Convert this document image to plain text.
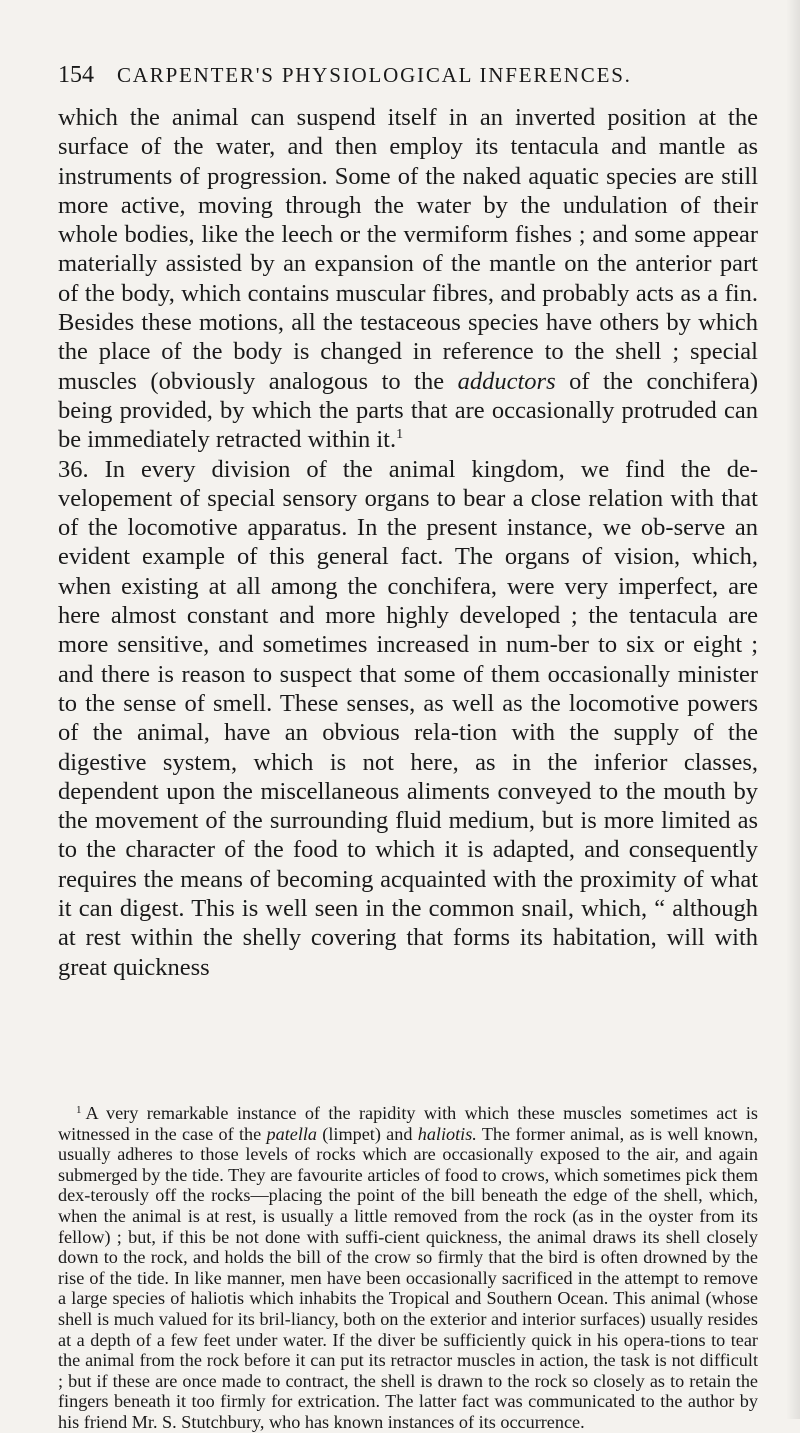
154 CARPENTER'S PHYSIOLOGICAL INFERENCES.

which the animal can suspend itself in an inverted position at the surface of the water, and then employ its tentacula and mantle as instruments of progression. Some of the naked aquatic species are still more active, moving through the water by the undulation of their whole bodies, like the leech or the vermiform fishes ; and some appear materially assisted by an expansion of the mantle on the anterior part of the body, which contains muscular fibres, and probably acts as a fin. Besides these motions, all the testaceous species have others by which the place of the body is changed in reference to the shell ; special muscles (obviously analogous to the adductors of the conchifera) being provided, by which the parts that are occasionally protruded can be immediately retracted within it.$^1$

36. In every division of the animal kingdom, we find the de-velopement of special sensory organs to bear a close relation with that of the locomotive apparatus. In the present instance, we ob-serve an evident example of this general fact. The organs of vision, which, when existing at all among the conchifera, were very imperfect, are here almost constant and more highly developed ; the tentacula are more sensitive, and sometimes increased in num-ber to six or eight ; and there is reason to suspect that some of them occasionally minister to the sense of smell. These senses, as well as the locomotive powers of the animal, have an obvious rela-tion with the supply of the digestive system, which is not here, as in the inferior classes, dependent upon the miscellaneous aliments conveyed to the mouth by the movement of the surrounding fluid medium, but is more limited as to the character of the food to which it is adapted, and consequently requires the means of becoming acquainted with the proximity of what it can digest. This is well seen in the common snail, which, “ although at rest within the shelly covering that forms its habitation, will with great quickness

$^1$ A very remarkable instance of the rapidity with which these muscles sometimes act is witnessed in the case of the patella (limpet) and haliotis. The former animal, as is well known, usually adheres to those levels of rocks which are occasionally exposed to the air, and again submerged by the tide. They are favourite articles of food to crows, which sometimes pick them dex-terously off the rocks—placing the point of the bill beneath the edge of the shell, which, when the animal is at rest, is usually a little removed from the rock (as in the oyster from its fellow) ; but, if this be not done with suffi-cient quickness, the animal draws its shell closely down to the rock, and holds the bill of the crow so firmly that the bird is often drowned by the rise of the tide. In like manner, men have been occasionally sacrificed in the attempt to remove a large species of haliotis which inhabits the Tropical and Southern Ocean. This animal (whose shell is much valued for its bril-liancy, both on the exterior and interior surfaces) usually resides at a depth of a few feet under water. If the diver be sufficiently quick in his opera-tions to tear the animal from the rock before it can put its retractor muscles in action, the task is not difficult ; but if these are once made to contract, the shell is drawn to the rock so closely as to retain the fingers beneath it too firmly for extrication. The latter fact was communicated to the author by his friend Mr. S. Stutchbury, who has known instances of its occurrence.
